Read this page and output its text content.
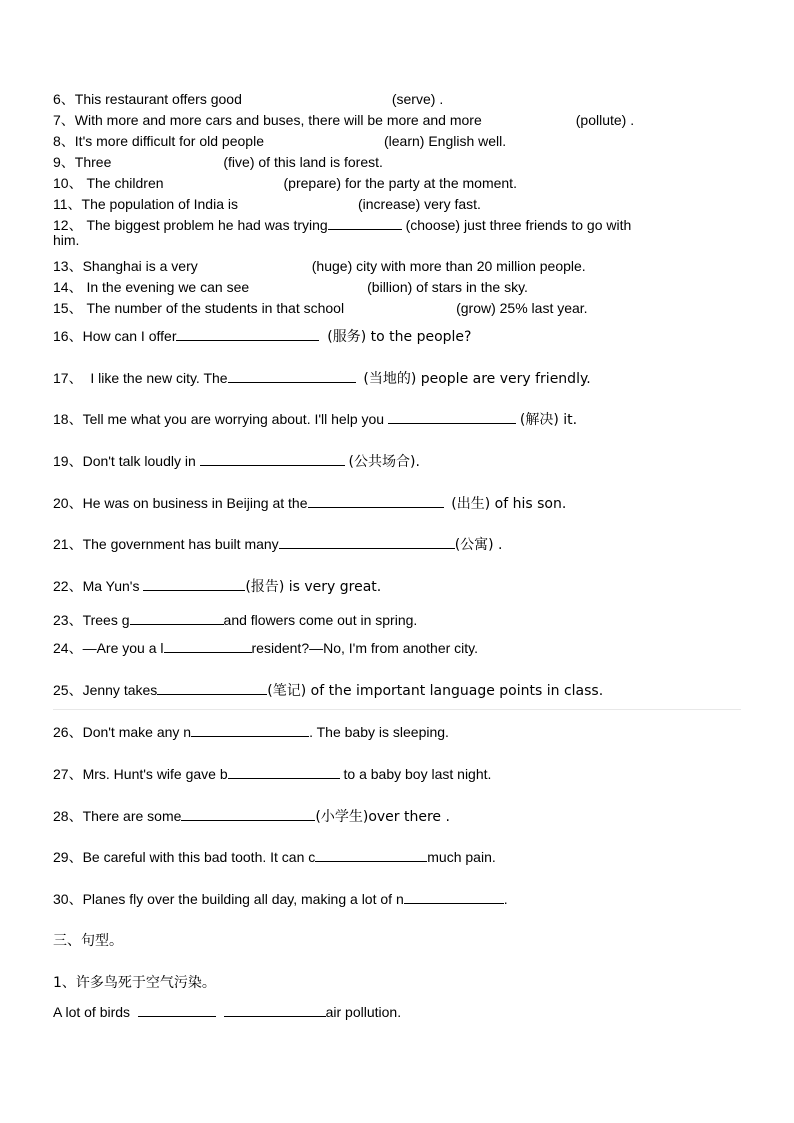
6、This restaurant offers good	(serve) .
7、With more and more cars and buses, there will be more and more	(pollute) .
8、It's more difficult for old people	(learn) English well.
9、Three	(five) of this land is forest.
10、 The children	(prepare) for the party at the moment.
11、The population of India is	(increase) very fast.
12、 The biggest problem he had was trying	(choose) just three friends to go with
him.
13、Shanghai is a very	(huge) city with more than 20 million people.
14、 In the evening we can see	(billion) of stars in the sky.
15、 The number of the students in that school	(grow) 25% last year.
16、How can I offer	(服务) to the people?
17、 I like the new city. The	(当地的) people are very friendly.
18、Tell me what you are worrying about. I'll help you	(解决) it.
19、Don't talk loudly in	(公共场合).
20、He was on business in Beijing at the	(出生) of his son.
21、The government has built many	(公寓) .
22、Ma Yun's	(报告) is very great.
23、Trees g	and flowers come out in spring.
24、—Are you a l	resident?—No, I'm from another city.
25、Jenny takes	(笔记) of the important language points in class.
26、Don't make any n	. The baby is sleeping.
27、Mrs. Hunt's wife gave b	to a baby boy last night.
28、There are some	(小学生)over there .
29、Be careful with this bad tooth. It can c	much pain.
30、Planes fly over the building all day, making a lot of n	.
三、句型。
1、许多鸟死于空气污染。
A lot of birds	air pollution.
